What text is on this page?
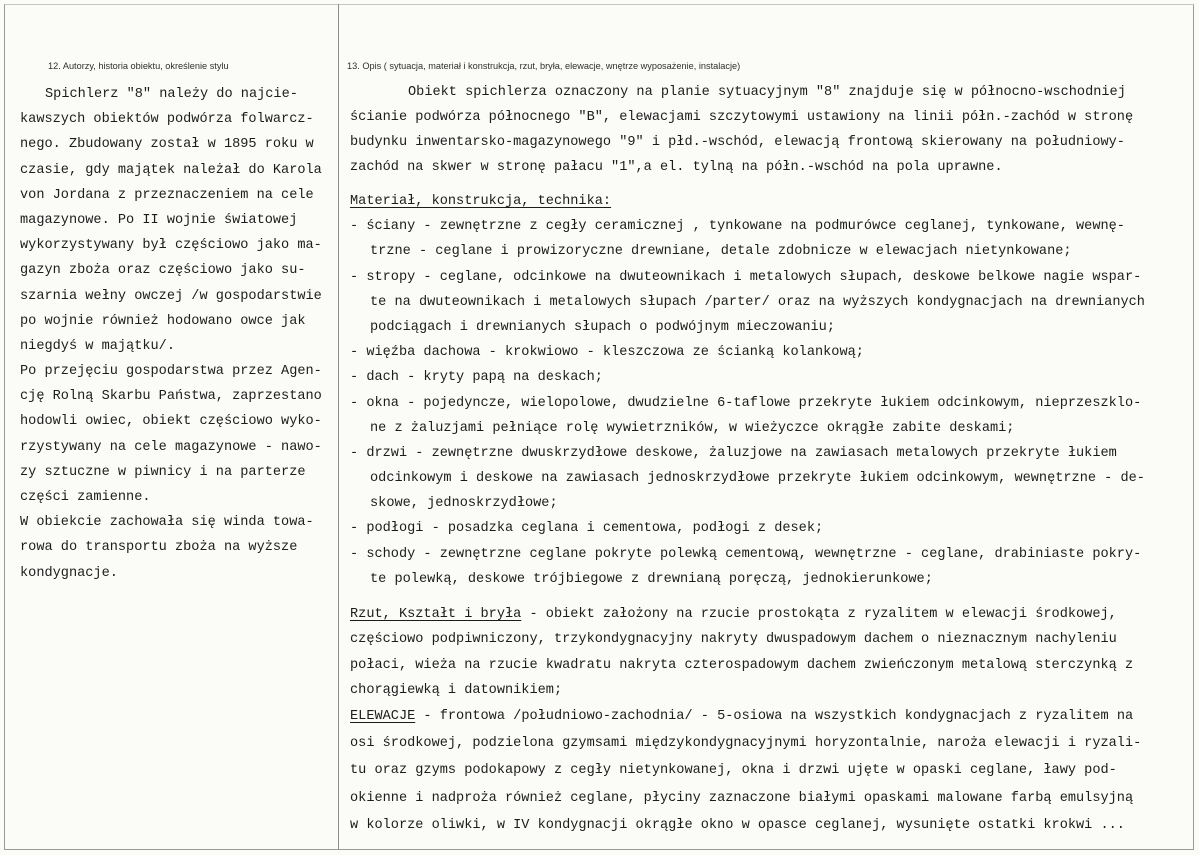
12. Autorzy, historia obiektu, określenie stylu	13. Opis ( sytuacja, materiał i konstrukcja, rzut, bryła, elewacje, wnętrze wyposażenie, instalacje)
Spichlerz "8" należy do najcie-
kawszych obiektów podwórza folwarcz-
nego. Zbudowany został w 1895 roku w
czasie, gdy majątek należał do Karola
von Jordana z przeznaczeniem na cele
magazynowe. Po II wojnie światowej
wykorzystywany był częściowo jako ma-
gazyn zboża oraz częściowo jako su-
szarnia wełny owczej /w gospodarstwie
po wojnie również hodowano owce jak
niegdyś w majątku/.
Po przejęciu gospodarstwa przez Agen-
cję Rolną Skarbu Państwa, zaprzestano
hodowli owiec, obiekt częściowo wyko-
rzystywany na cele magazynowe - nawo-
zy sztuczne w piwnicy i na parterze
części zamienne.
W obiekcie zachowała się winda towa-
rowa do transportu zboża na wyższe
kondygnacje.
Obiekt spichlerza oznaczony na planie sytuacyjnym "8" znajduje się w północno-wschodniej
ścianie podwórza północnego "B", elewacjami szczytowymi ustawiony na linii półn.-zachód w stronę
budynku inwentarsko-magazynowego "9" i płd.-wschód, elewacją frontową skierowany na południowy-
zachód na skwer w stronę pałacu "1",a el. tylną na półn.-wschód na pola uprawne.
Materiał, konstrukcja, technika:
- ściany - zewnętrzne z cegły ceramicznej , tynkowane na podmurówce ceglanej, tynkowane, wewnę-
trzne - ceglane i prowizoryczne drewniane, detale zdobnicze w elewacjach nietynkowane;
- stropy - ceglane, odcinkowe na dwuteownikach i metalowych słupach, deskowe belkowe nagie wspar-
te na dwuteownikach i metalowych słupach /parter/ oraz na wyższych kondygnacjach na drewnianych
podciągach i drewnianych słupach o podwójnym mieczowaniu;
- więźba dachowa - krokwiowo - kleszczowa ze ścianką kolankową;
- dach - kryty papą na deskach;
- okna - pojedyncze, wielopolowe, dwudzielne 6-taflowe przekryte łukiem odcinkowym, nieprzeszklo-
ne z żaluzjami pełniące rolę wywietrzników, w wieżyczce okrągłe zabite deskami;
- drzwi - zewnętrzne dwuskrzydłowe deskowe, żaluzjowe na zawiasach metalowych przekryte łukiem
odcinkowym i deskowe na zawiasach jednoskrzydłowe przekryte łukiem odcinkowym, wewnętrzne - de-
skowe, jednoskrzydłowe;
- podłogi - posadzka ceglana i cementowa, podłogi z desek;
- schody - zewnętrzne ceglane pokryte polewką cementową, wewnętrzne - ceglane, drabiniaste pokry-
te polewką, deskowe trójbiegowe z drewnianą poręczą, jednokierunkowe;
Rzut, Kształt i bryła - obiekt założony na rzucie prostokąta z ryzalitem w elewacji środkowej,
częściowo podpiwniczony, trzykondygnacyjny nakryty dwuspadowym dachem o nieznacznym nachyleniu
połaci, wieża na rzucie kwadratu nakryta czterospadowym dachem zwieńczonym metalową sterczynką z
chorągiewką i datownikiem;
ELEWACJE - frontowa /południowo-zachodnia/ - 5-osiowa na wszystkich kondygnacjach z ryzalitem na
osi środkowej, podzielona gzymsami międzykondygnacyjnymi horyzontalnie, naroża elewacji i ryzali-
tu oraz gzyms podokapowy z cegły nietynkowanej, okna i drzwi ujęte w opaski ceglane, ławy pod-
okienne i nadproża również ceglane, płyciny zaznaczone białymi opaskami malowane farbą emulsyjną
w kolorze oliwki, w IV kondygnacji okrągłe okno w opasce ceglanej, wysunięte ostatki krokwi ...
